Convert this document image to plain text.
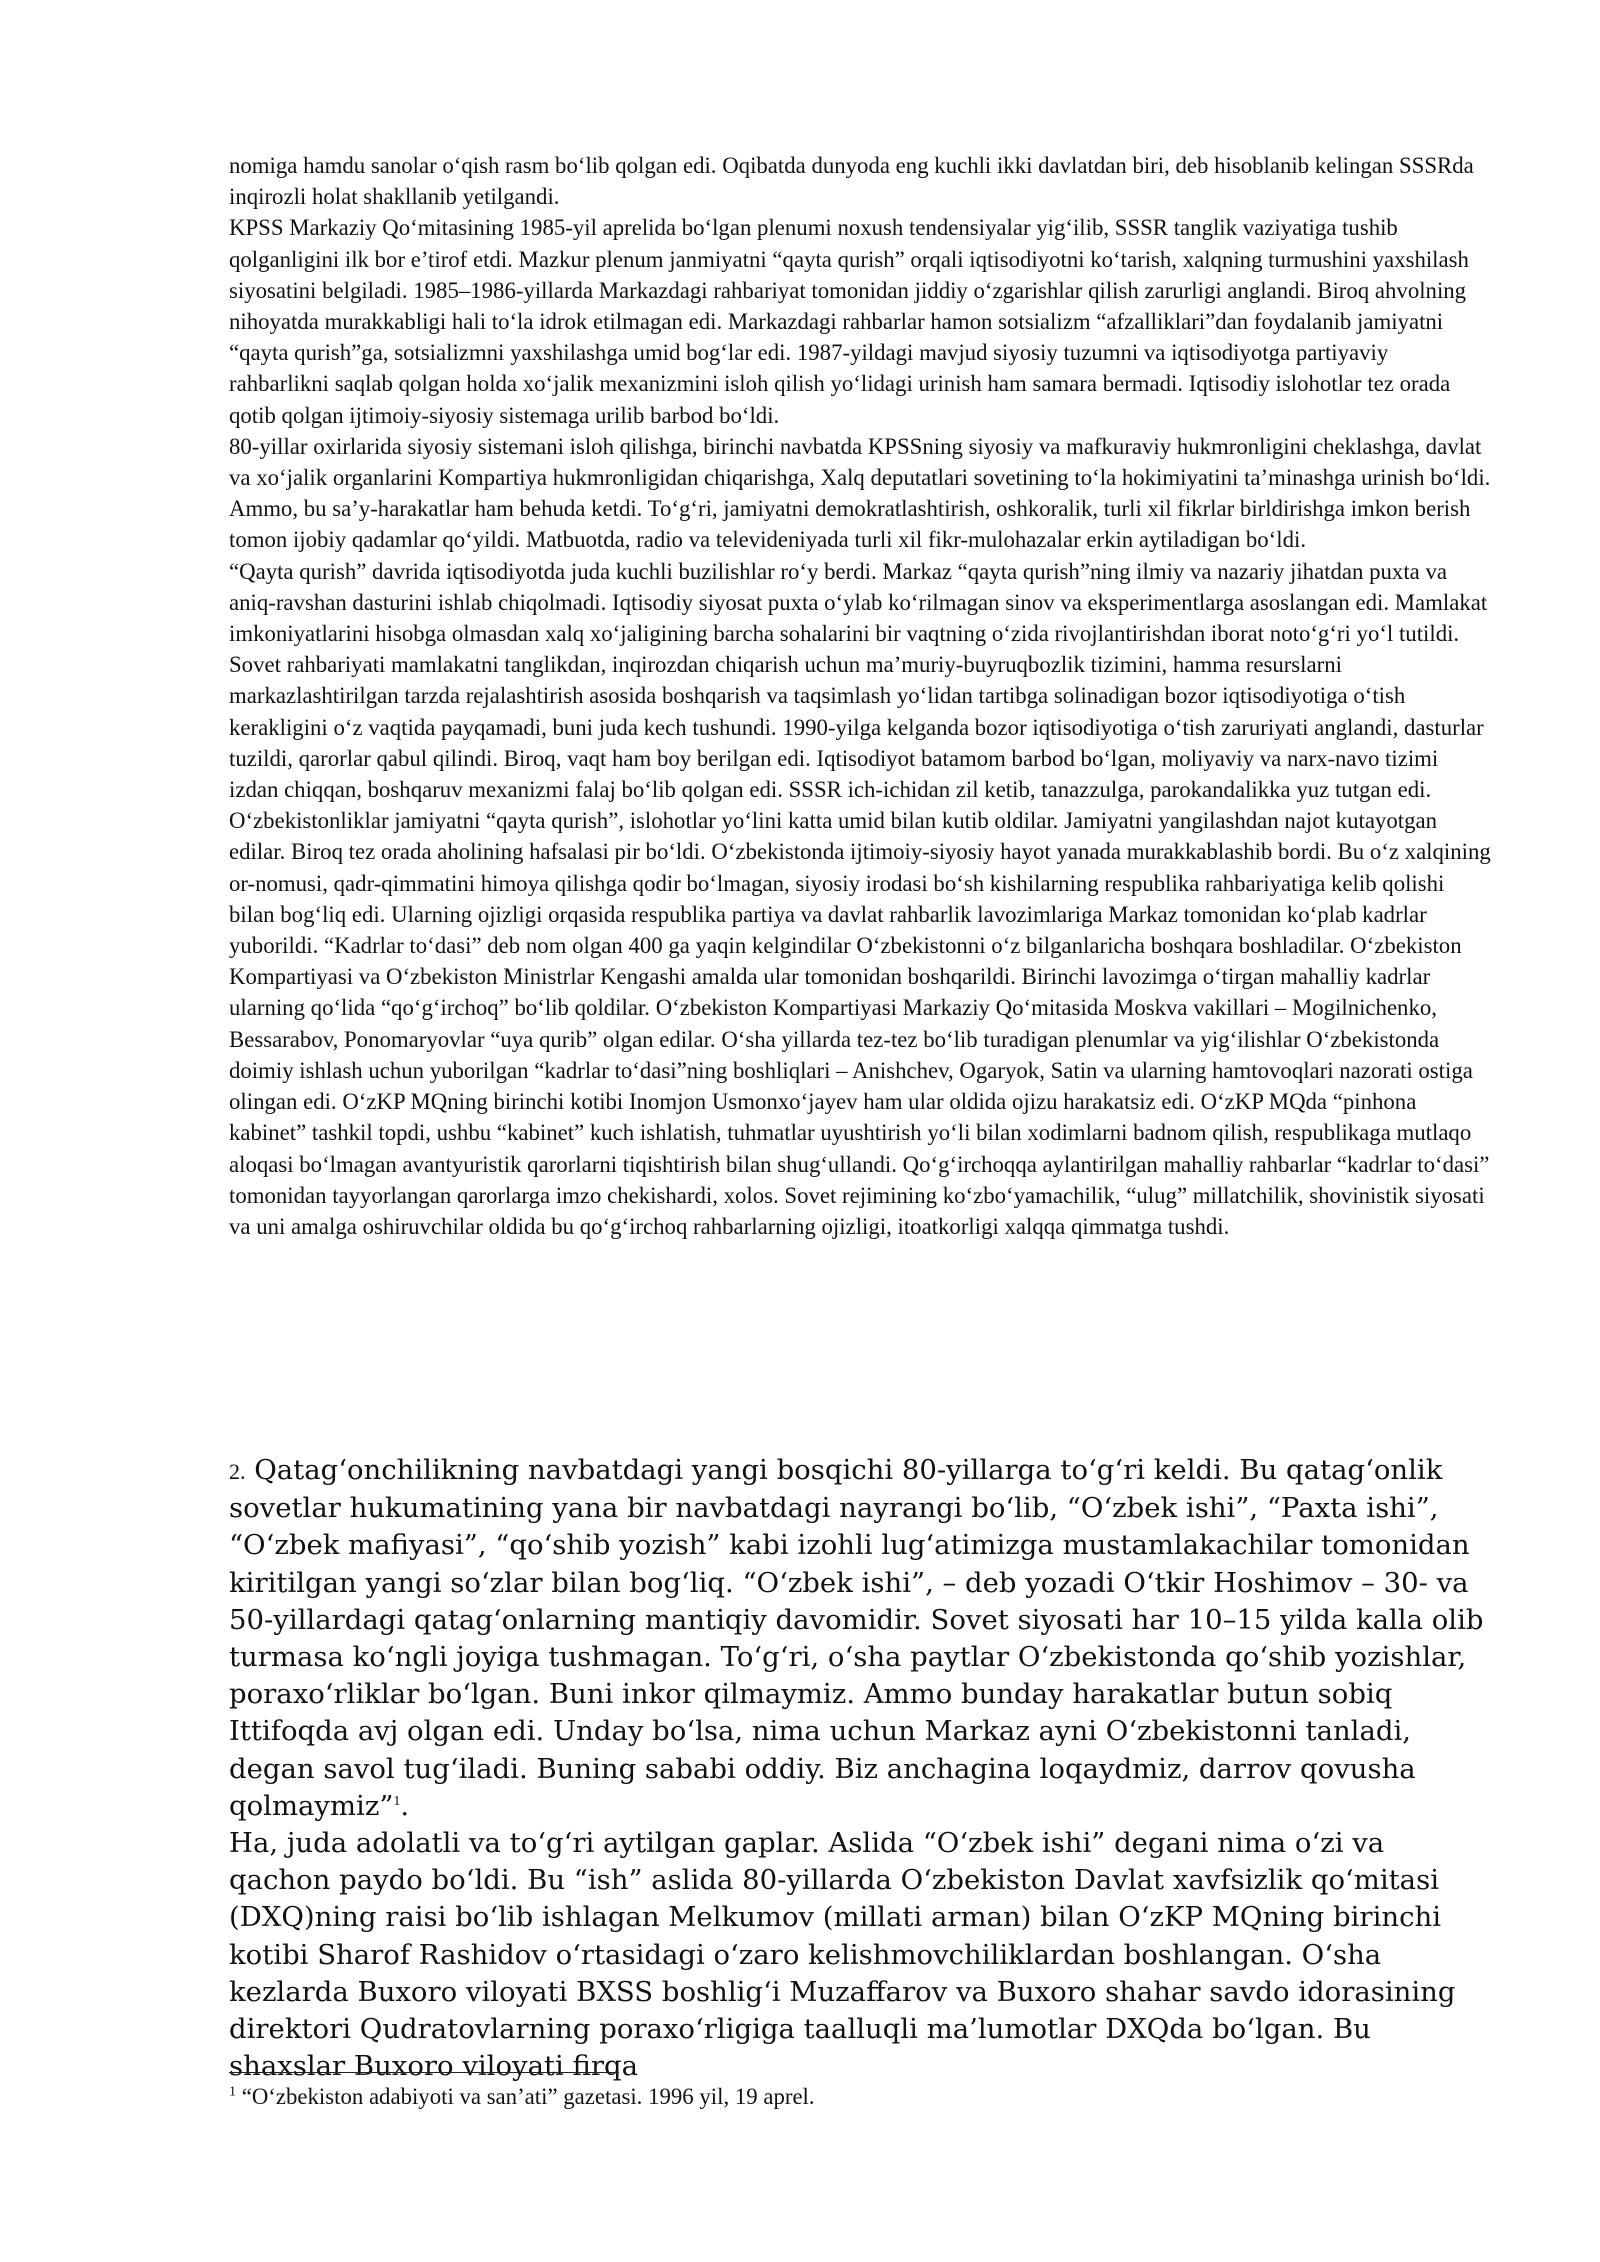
nomiga hamdu sanolar o‘qish rasm bo‘lib qolgan edi. Oqibatda dunyoda eng kuchli ikki davlatdan biri, deb hisoblanib kelingan SSSRda inqirozli holat shakllanib yetilgandi.

KPSS Markaziy Qo‘mitasining 1985-yil aprelida bo‘lgan plenumi noxush tendensiyalar yig‘ilib, SSSR tanglik vaziyatiga tushib qolganligini ilk bor e’tirof etdi. Mazkur plenum janmiyatni “qayta qurish” orqali iqtisodiyotni ko‘tarish, xalqning turmushini yaxshilash siyosatini belgiladi. 1985–1986-yillarda Markazdagi rahbariyat tomonidan jiddiy o‘zgarishlar qilish zarurligi anglandi. Biroq ahvolning nihoyatda murakkabligi hali to‘la idrok etilmagan edi. Markazdagi rahbarlar hamon sotsializm “afzalliklari”dan foydalanib jamiyatni “qayta qurish”ga, sotsializmni yaxshilashga umid bog‘lar edi. 1987-yildagi mavjud siyosiy tuzumni va iqtisodiyotga partiyaviy rahbarlikni saqlab qolgan holda xo‘jalik mexanizmini isloh qilish yo‘lidagi urinish ham samara bermadi. Iqtisodiy islohotlar tez orada qotib qolgan ijtimoiy-siyosiy sistemaga urilib barbod bo‘ldi.

80-yillar oxirlarida siyosiy sistemani isloh qilishga, birinchi navbatda KPSSning siyosiy va mafkuraviy hukmronligini cheklashga, davlat va xo‘jalik organlarini Kompartiya hukmronligidan chiqarishga, Xalq deputatlari sovetining to‘la hokimiyatini ta’minashga urinish bo‘ldi. Ammo, bu sa’y-harakatlar ham behuda ketdi. To‘g‘ri, jamiyatni demokratlashtirish, oshkoralik, turli xil fikrlar birldirishga imkon berish tomon ijobiy qadamlar qo‘yildi. Matbuotda, radio va televideniyada turli xil fikr-mulohazalar erkin aytiladigan bo‘ldi.

“Qayta qurish” davrida iqtisodiyotda juda kuchli buzilishlar ro‘y berdi. Markaz “qayta qurish”ning ilmiy va nazariy jihatdan puxta va aniq-ravshan dasturini ishlab chiqolmadi. Iqtisodiy siyosat puxta o‘ylab ko‘rilmagan sinov va eksperimentlarga asoslangan edi. Mamlakat imkoniyatlarini hisobga olmasdan xalq xo‘jaligining barcha sohalarini bir vaqtning o‘zida rivojlantirishdan iborat noto‘g‘ri yo‘l tutildi.

Sovet rahbariyati mamlakatni tanglikdan, inqirozdan chiqarish uchun ma’muriy-buyruqbozlik tizimini, hamma resurslarni markazlashtirilgan tarzda rejalashtirish asosida boshqarish va taqsimlash yo‘lidan tartibga solinadigan bozor iqtisodiyotiga o‘tish kerakligini o‘z vaqtida payqamadi, buni juda kech tushundi. 1990-yilga kelganda bozor iqtisodiyotiga o‘tish zaruriyati anglandi, dasturlar tuzildi, qarorlar qabul qilindi. Biroq, vaqt ham boy berilgan edi. Iqtisodiyot batamom barbod bo‘lgan, moliyaviy va narx-navo tizimi izdan chiqqan, boshqaruv mexanizmi falaj bo‘lib qolgan edi. SSSR ich-ichidan zil ketib, tanazzulga, parokandalikka yuz tutgan edi.

O‘zbekistonliklar jamiyatni “qayta qurish”, islohotlar yo‘lini katta umid bilan kutib oldilar. Jamiyatni yangilashdan najot kutayotgan edilar. Biroq tez orada aholining hafsalasi pir bo‘ldi. O‘zbekistonda ijtimoiy-siyosiy hayot yanada murakkablashib bordi. Bu o‘z xalqining or-nomusi, qadr-qimmatini himoya qilishga qodir bo‘lmagan, siyosiy irodasi bo‘sh kishilarning respublika rahbariyatiga kelib qolishi bilan bog‘liq edi. Ularning ojizligi orqasida respublika partiya va davlat rahbarlik lavozimlariga Markaz tomonidan ko‘plab kadrlar yuborildi. “Kadrlar to‘dasi” deb nom olgan 400 ga yaqin kelgindilar O‘zbekistonni o‘z bilganlaricha boshqara boshladilar. O‘zbekiston Kompartiyasi va O‘zbekiston Ministrlar Kengashi amalda ular tomonidan boshqarildi. Birinchi lavozimga o‘tirgan mahalliy kadrlar ularning qo‘lida “qo‘g‘irchoq” bo‘lib qoldilar. O‘zbekiston Kompartiyasi Markaziy Qo‘mitasida Moskva vakillari – Mogilnichenko, Bessarabov, Ponomaryovlar “uya qurib” olgan edilar. O‘sha yillarda tez-tez bo‘lib turadigan plenumlar va yig‘ilishlar O‘zbekistonda doimiy ishlash uchun yuborilgan “kadrlar to‘dasi”ning boshliqlari – Anishchev, Ogaryok, Satin va ularning hamtovoqlari nazorati ostiga olingan edi. O‘zKP MQning birinchi kotibi Inomjon Usmonxo‘jayev ham ular oldida ojizu harakatsiz edi. O‘zKP MQda “pinhona kabinet” tashkil topdi, ushbu “kabinet” kuch ishlatish, tuhmatlar uyushtirish yo‘li bilan xodimlarni badnom qilish, respublikaga mutlaqo aloqasi bo‘lmagan avantyuristik qarorlarni tiqishtirish bilan shug‘ullandi. Qo‘g‘irchoqqa aylantirilgan mahalliy rahbarlar “kadrlar to‘dasi” tomonidan tayyorlangan qarorlarga imzo chekishardi, xolos. Sovet rejimining ko‘zbo‘yamachilik, “ulug” millatchilik, shovinistik siyosati va uni amalga oshiruvchilar oldida bu qo‘g‘irchoq rahbarlarning ojizligi, itoatkorligi xalqqa qimmatga tushdi.

2. Qatag‘onchilikning navbatdagi yangi bosqichi 80-yillarga to‘g‘ri keldi. Bu qatag‘onlik sovetlar hukumatining yana bir navbatdagi nayrangi bo‘lib, “O‘zbek ishi”, “Paxta ishi”, “O‘zbek mafiyasi”, “qo‘shib yozish” kabi izohli lug‘atimizga mustamlakachilar tomonidan kiritilgan yangi so‘zlar bilan bog‘liq. “O‘zbek ishi”, – deb yozadi O‘tkir Hoshimov – 30- va 50-yillardagi qatag‘onlarning mantiqiy davomidir. Sovet siyosati har 10–15 yilda kalla olib turmasa ko‘ngli joyiga tushmagan. To‘g‘ri, o‘sha paytlar O‘zbekistonda qo‘shib yozishlar, poraxo‘rliklar bo‘lgan. Buni inkor qilmaymiz. Ammo bunday harakatlar butun sobiq Ittifoqda avj olgan edi. Unday bo‘lsa, nima uchun Markaz ayni O‘zbekistonni tanladi, degan savol tug‘iladi. Buning sababi oddiy. Biz anchagina loqaydmiz, darrov qovusha qolmaymiz”$^1$.

Ha, juda adolatli va to‘g‘ri aytilgan gaplar. Aslida “O‘zbek ishi” degani nima o‘zi va qachon paydo bo‘ldi. Bu “ish” aslida 80-yillarda O‘zbekiston Davlat xavfsizlik qo‘mitasi (DXQ)ning raisi bo‘lib ishlagan Melkumov (millati arman) bilan O‘zKP MQning birinchi kotibi Sharof Rashidov o‘rtasidagi o‘zaro kelishmovchiliklardan boshlangan. O‘sha kezlarda Buxoro viloyati BXSS boshlig‘i Muzaffarov va Buxoro shahar savdo idorasining direktori Qudratovlarning poraxo‘rligiga taalluqli ma’lumotlar DXQda bo‘lgan. Bu shaxslar Buxoro viloyati firqa

$^1$ “O‘zbekiston adabiyoti va san’ati” gazetasi. 1996 yil, 19 aprel.
